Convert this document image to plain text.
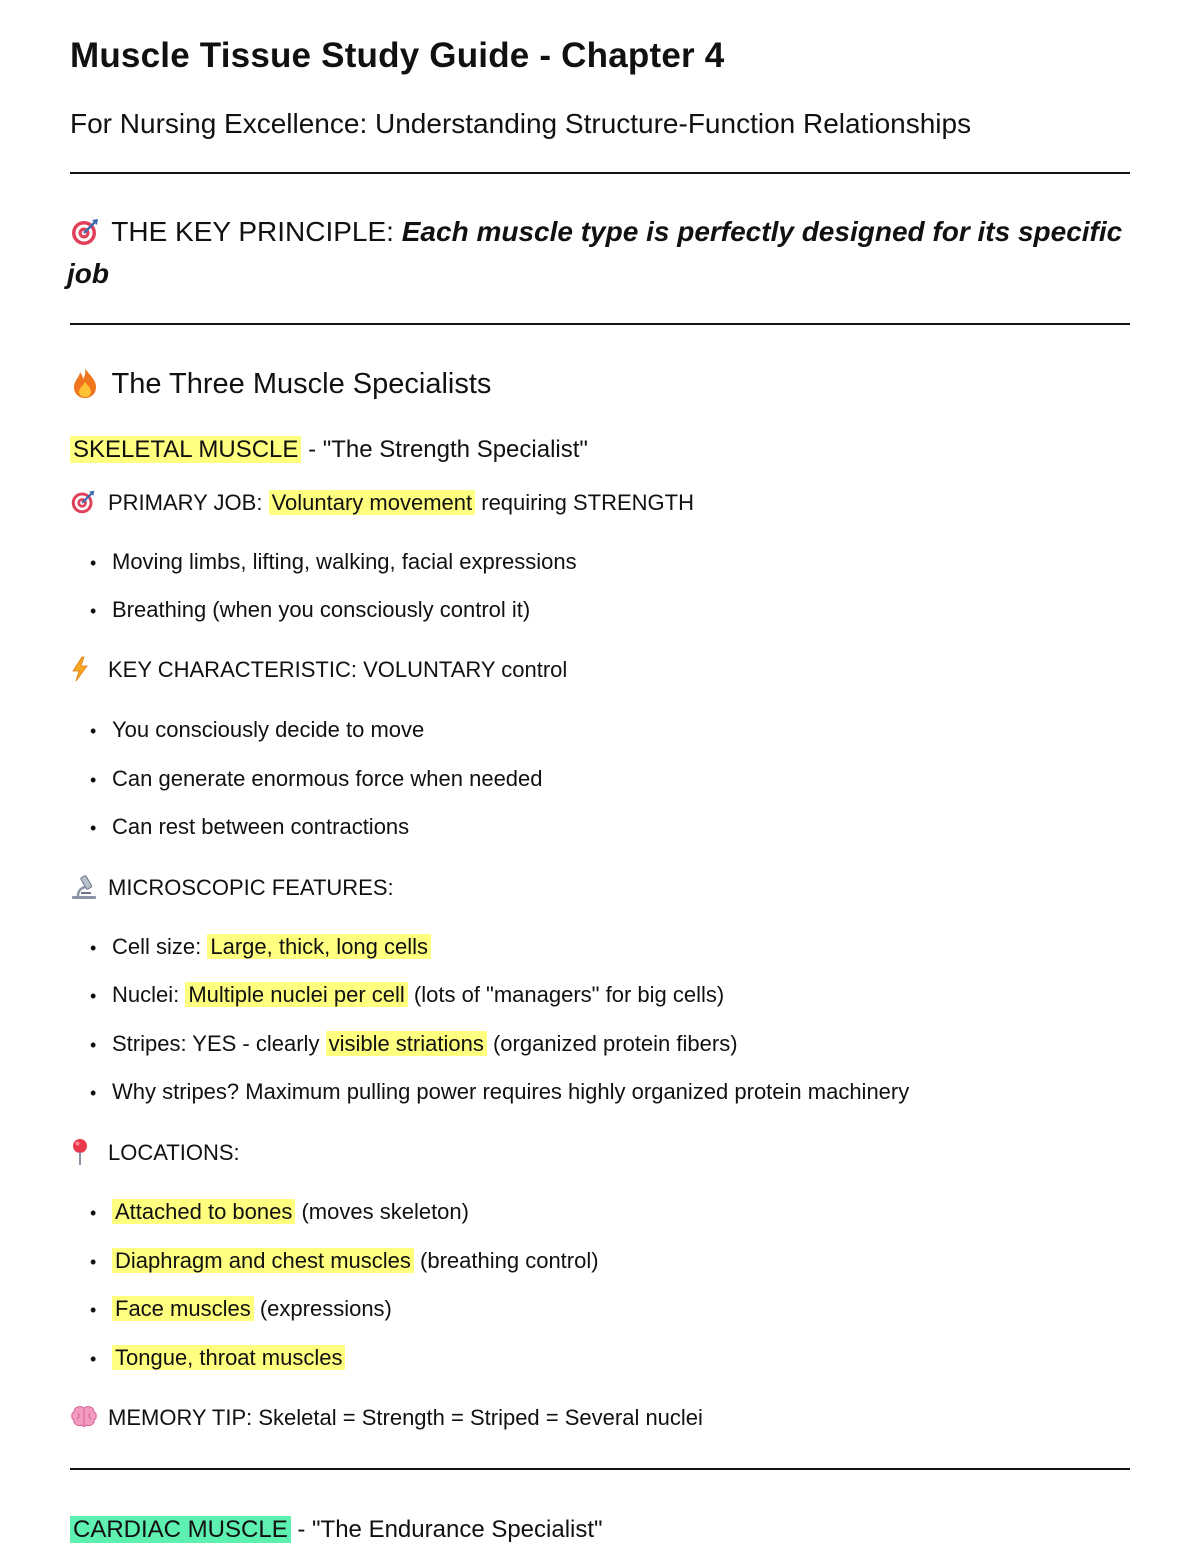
Muscle Tissue Study Guide - Chapter 4
For Nursing Excellence: Understanding Structure-Function Relationships
THE KEY PRINCIPLE: Each muscle type is perfectly designed for its specific
job
The Three Muscle Specialists
SKELETAL MUSCLE - "The Strength Specialist"
PRIMARY JOB: Voluntary movement requiring STRENGTH
• Moving limbs, lifting, walking, facial expressions
• Breathing (when you consciously control it)
KEY CHARACTERISTIC: VOLUNTARY control
• You consciously decide to move
• Can generate enormous force when needed
• Can rest between contractions
MICROSCOPIC FEATURES:
• Cell size: Large, thick, long cells
• Nuclei: Multiple nuclei per cell (lots of "managers" for big cells)
• Stripes: YES - clearly visible striations (organized protein fibers)
• Why stripes? Maximum pulling power requires highly organized protein machinery
LOCATIONS:
• Attached to bones (moves skeleton)
• Diaphragm and chest muscles (breathing control)
• Face muscles (expressions)
• Tongue, throat muscles
MEMORY TIP: Skeletal = Strength = Striped = Several nuclei
CARDIAC MUSCLE - "The Endurance Specialist"
